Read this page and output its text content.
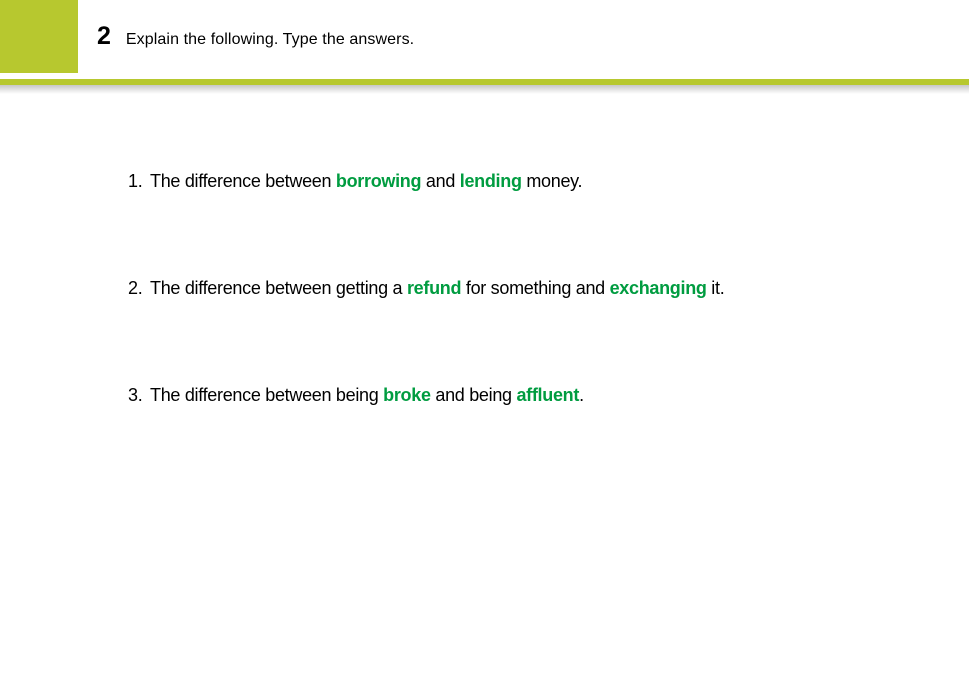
2 Explain the following. Type the answers.
1. The difference between borrowing and lending money.
2. The difference between getting a refund for something and exchanging it.
3. The difference between being broke and being affluent.
